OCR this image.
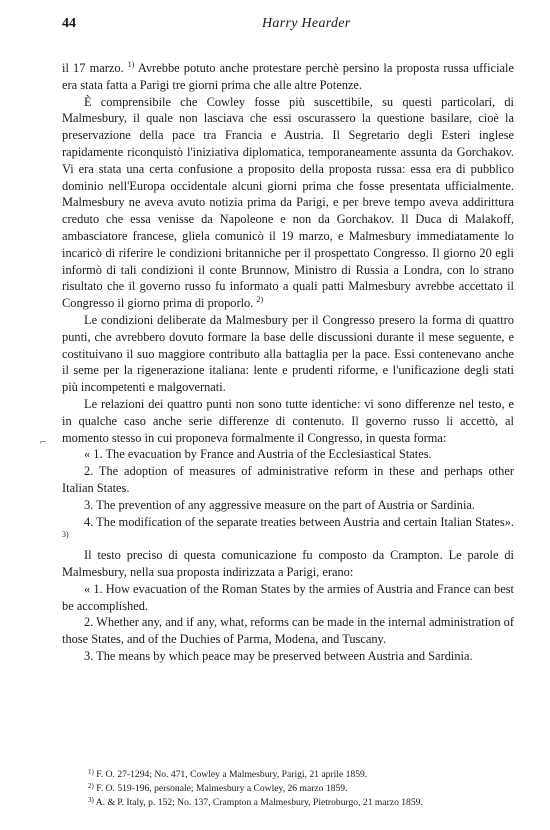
44	Harry Hearder
⌐

il 17 marzo. $^{1)}$ Avrebbe potuto anche protestare perchè persino la proposta russa ufficiale era stata fatta a Parigi tre giorni prima che alle altre Potenze.

È comprensibile che Cowley fosse più suscettibile, su questi particolari, di Malmesbury, il quale non lasciava che essi oscurassero la questione basilare, cioè la preservazione della pace tra Francia e Austria. Il Segretario degli Esteri inglese rapidamente riconquistò l'iniziativa diplomatica, temporaneamente assunta da Gorchakov. Vi era stata una certa confusione a proposito della proposta russa: essa era di pubblico dominio nell'Europa occidentale alcuni giorni prima che fosse presentata ufficialmente. Malmesbury ne aveva avuto notizia prima da Parigi, e per breve tempo aveva addirittura creduto che essa venisse da Napoleone e non da Gorchakov. Il Duca di Malakoff, ambasciatore francese, gliela comunicò il 19 marzo, e Malmesbury immediatamente lo incaricò di riferire le condizioni britanniche per il prospettato Congresso. Il giorno 20 egli informò di tali condizioni il conte Brunnow, Ministro di Russia a Londra, con lo strano risultato che il governo russo fu informato a quali patti Malmesbury avrebbe accettato il Congresso il giorno prima di proporlo. $^{2)}$

Le condizioni deliberate da Malmesbury per il Congresso presero la forma di quattro punti, che avrebbero dovuto formare la base delle discussioni durante il mese seguente, e costituivano il suo maggiore contributo alla battaglia per la pace. Essi contenevano anche il seme per la rigenerazione italiana: lente e prudenti riforme, e l'unificazione degli stati più incompetenti e malgovernati.

Le relazioni dei quattro punti non sono tutte identiche: vi sono differenze nel testo, e in qualche caso anche serie differenze di contenuto. Il governo russo li accettò, al momento stesso in cui proponeva formalmente il Congresso, in questa forma:

« 1. The evacuation by France and Austria of the Ecclesiastical States.

2. The adoption of measures of administrative reform in these and perhaps other Italian States.

3. The prevention of any aggressive measure on the part of Austria or Sardinia.

4. The modification of the separate treaties between Austria and certain Italian States». $^{3)}$

Il testo preciso di questa comunicazione fu composto da Crampton. Le parole di Malmesbury, nella sua proposta indirizzata a Parigi, erano:

« 1. How evacuation of the Roman States by the armies of Austria and France can best be accomplished.

2. Whether any, and if any, what, reforms can be made in the internal administration of those States, and of the Duchies of Parma, Modena, and Tuscany.

3. The means by which peace may be preserved between Austria and Sardinia.

$^{1)}$ F. O. 27-1294; No. 471, Cowley a Malmesbury, Parigi, 21 aprile 1859.
$^{2)}$ F. O. 519-196, personale; Malmesbury a Cowley, 26 marzo 1859.
$^{3)}$ A. & P. Italy, p. 152; No. 137, Crampton a Malmesbury, Pietroburgo, 21 marzo 1859.
